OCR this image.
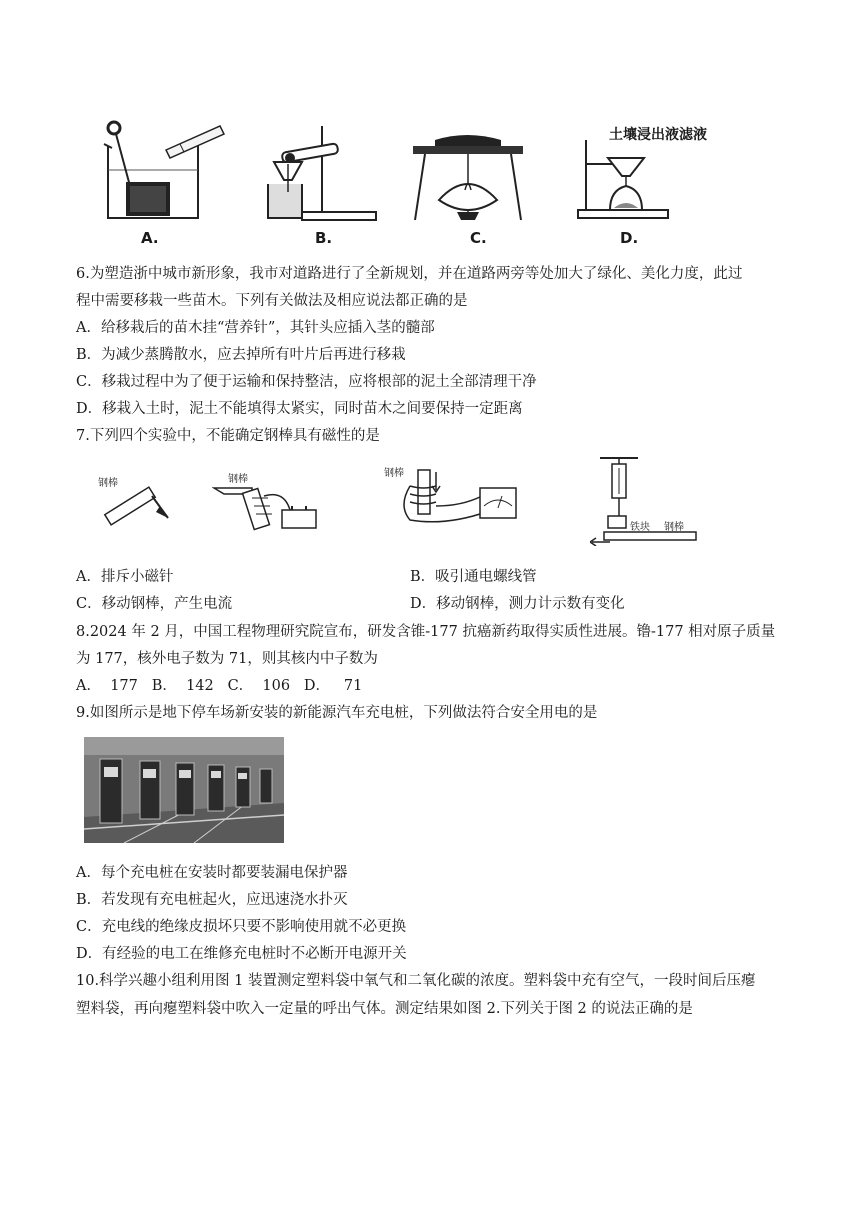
A.	B.	C.
土壤浸出液滤液
D.
6.为塑造浙中城市新形象，我市对道路进行了全新规划，并在道路两旁等处加大了绿化、美化力度，此过
程中需要移栽一些苗木。下列有关做法及相应说法都正确的是
A．给移栽后的苗木挂“营养针”，其针头应插入茎的髓部
B．为减少蒸腾散水，应去掉所有叶片后再进行移栽
C．移栽过程中为了便于运输和保持整洁，应将根部的泥土全部清理干净
D．移栽入土时，泥土不能填得太紧实，同时苗木之间要保持一定距离
7.下列四个实验中，不能确定钢棒具有磁性的是
钢棒	钢棒
钢棒
铁块 钢棒
A．排斥小磁针	B．吸引通电螺线管
C．移动钢棒，产生电流	D．移动钢棒，测力计示数有变化
8.2024 年 2 月，中国工程物理研究院宣布，研发含锥-177 抗癌新药取得实质性进展。镥-177 相对原子质量
为 177，核外电子数为 71，则其核内中子数为
A．  177   B．  142   C．  106   D．   71
9.如图所示是地下停车场新安装的新能源汽车充电桩，下列做法符合安全用电的是
A．每个充电桩在安装时都要装漏电保护器
B．若发现有充电桩起火，应迅速浇水扑灭
C．充电线的绝缘皮损坏只要不影响使用就不必更换
D．有经验的电工在维修充电桩时不必断开电源开关
10.科学兴趣小组利用图 1 装置测定塑料袋中氧气和二氧化碳的浓度。塑料袋中充有空气，一段时间后压瘪
塑料袋，再向瘪塑料袋中吹入一定量的呼出气体。测定结果如图 2.下列关于图 2 的说法正确的是
